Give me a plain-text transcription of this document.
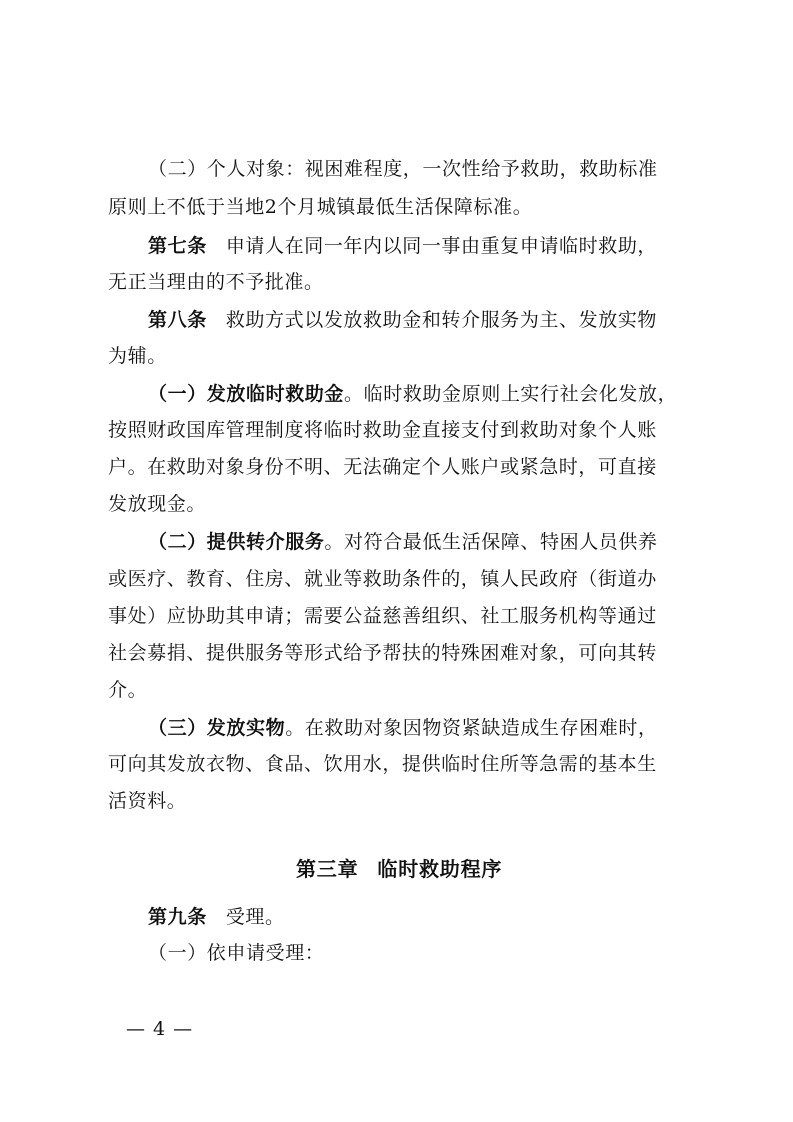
（二）个人对象：视困难程度，一次性给予救助，救助标准
原则上不低于当地2个月城镇最低生活保障标准。
第七条 申请人在同一年内以同一事由重复申请临时救助，
无正当理由的不予批准。
第八条 救助方式以发放救助金和转介服务为主、发放实物
为辅。
（一）发放临时救助金。临时救助金原则上实行社会化发放，
按照财政国库管理制度将临时救助金直接支付到救助对象个人账
户。在救助对象身份不明、无法确定个人账户或紧急时，可直接
发放现金。
（二）提供转介服务。对符合最低生活保障、特困人员供养
或医疗、教育、住房、就业等救助条件的，镇人民政府（街道办
事处）应协助其申请；需要公益慈善组织、社工服务机构等通过
社会募捐、提供服务等形式给予帮扶的特殊困难对象，可向其转
介。
（三）发放实物。在救助对象因物资紧缺造成生存困难时，
可向其发放衣物、食品、饮用水，提供临时住所等急需的基本生
活资料。
第三章 临时救助程序
第九条 受理。
（一）依申请受理：
— 4 —
